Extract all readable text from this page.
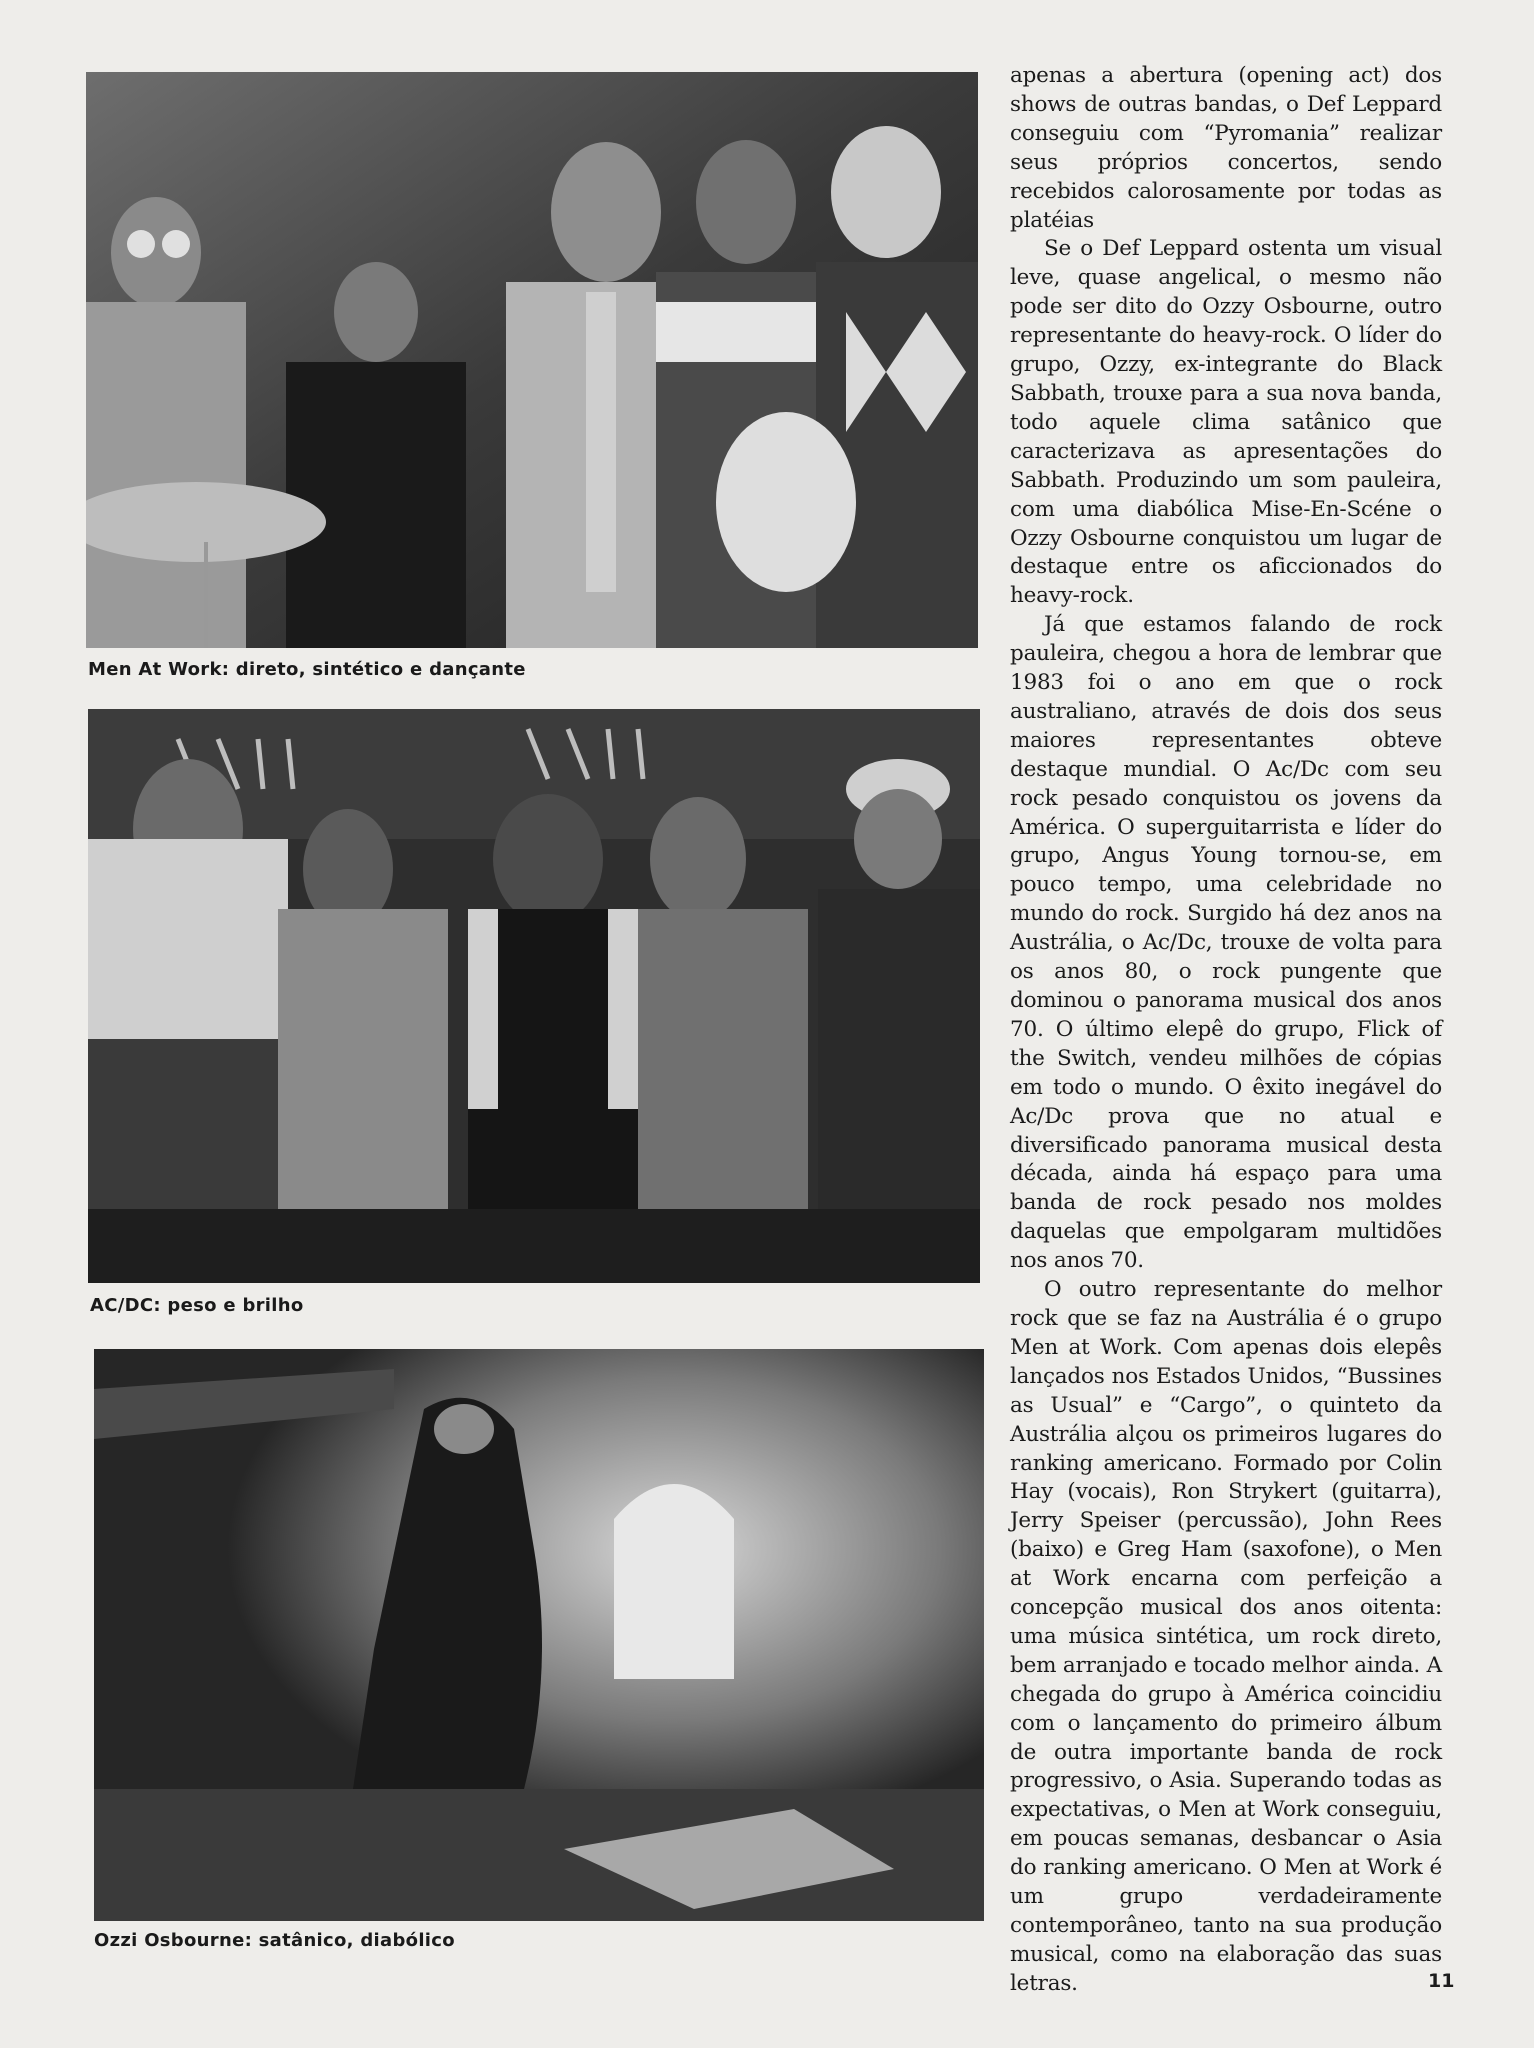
Men At Work: direto, sintético e dançante
AC/DC: peso e brilho
Ozzi Osbourne: satânico, diabólico

apenas a abertura (opening act) dos shows de outras bandas, o Def Leppard conseguiu com “Pyromania” realizar seus próprios concertos, sendo recebidos calorosamente por todas as platéias

Se o Def Leppard ostenta um visual leve, quase angelical, o mesmo não pode ser dito do Ozzy Osbourne, outro representante do heavy-rock. O líder do grupo, Ozzy, ex-integrante do Black Sabbath, trouxe para a sua nova banda, todo aquele clima satânico que caracterizava as apresentações do Sabbath. Produzindo um som pauleira, com uma diabólica Mise-En-Scéne o Ozzy Osbourne conquistou um lugar de destaque entre os aficcionados do heavy-rock.

Já que estamos falando de rock pauleira, chegou a hora de lembrar que 1983 foi o ano em que o rock australiano, através de dois dos seus maiores representantes obteve destaque mundial. O Ac/Dc com seu rock pesado conquistou os jovens da América. O superguitarrista e líder do grupo, Angus Young tornou-se, em pouco tempo, uma celebridade no mundo do rock. Surgido há dez anos na Austrália, o Ac/Dc, trouxe de volta para os anos 80, o rock pungente que dominou o panorama musical dos anos 70. O último elepê do grupo, Flick of the Switch, vendeu milhões de cópias em todo o mundo. O êxito inegável do Ac/Dc prova que no atual e diversificado panorama musical desta década, ainda há espaço para uma banda de rock pesado nos moldes daquelas que empolgaram multidões nos anos 70.

O outro representante do melhor rock que se faz na Austrália é o grupo Men at Work. Com apenas dois elepês lançados nos Estados Unidos, “Bussines as Usual” e “Cargo”, o quinteto da Austrália alçou os primeiros lugares do ranking americano. Formado por Colin Hay (vocais), Ron Strykert (guitarra), Jerry Speiser (percussão), John Rees (baixo) e Greg Ham (saxofone), o Men at Work encarna com perfeição a concepção musical dos anos oitenta: uma música sintética, um rock direto, bem arranjado e tocado melhor ainda. A chegada do grupo à América coincidiu com o lançamento do primeiro álbum de outra importante banda de rock progressivo, o Asia. Superando todas as expectativas, o Men at Work conseguiu, em poucas semanas, desbancar o Asia do ranking americano. O Men at Work é um grupo verdadeiramente contemporâneo, tanto na sua produção musical, como na elaboração das suas letras.	11
